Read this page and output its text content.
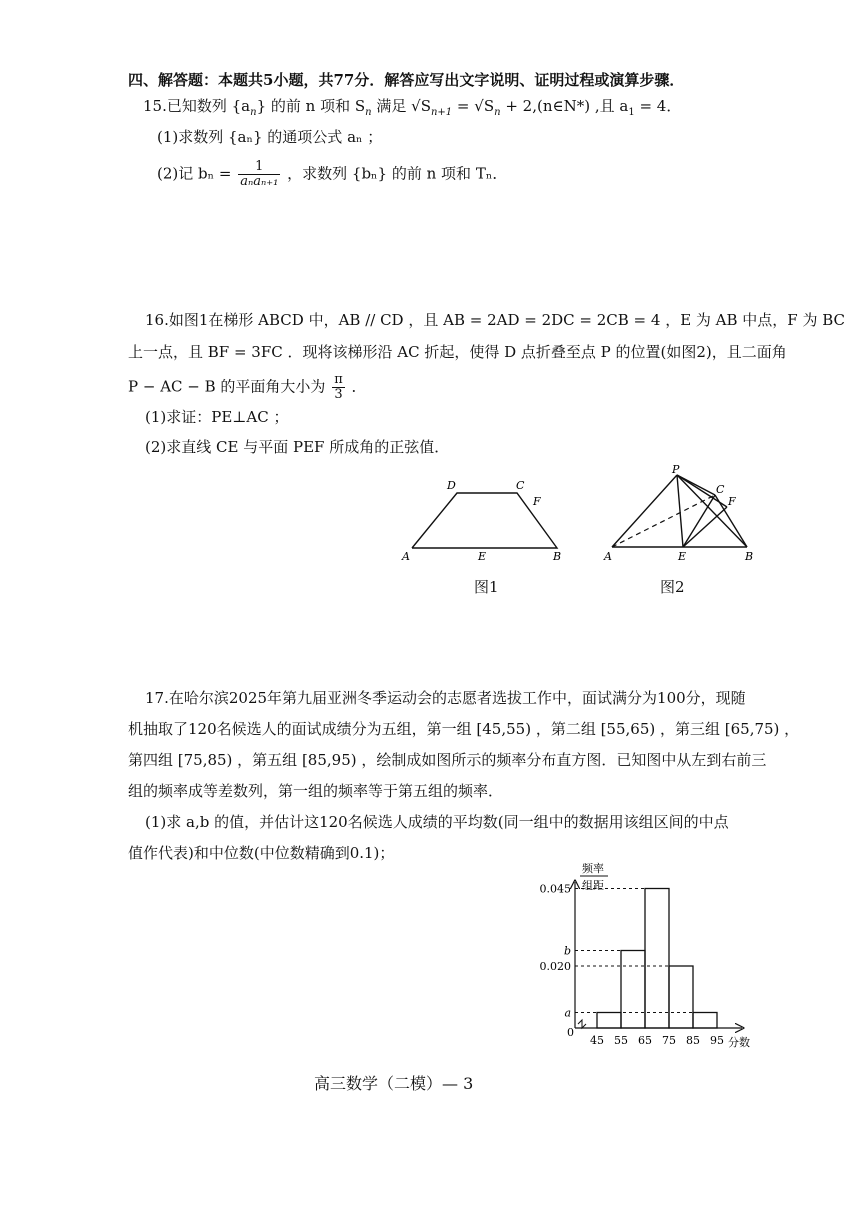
四、解答题：本题共5小题，共77分．解答应写出文字说明、证明过程或演算步骤．
15.已知数列 $\{a_n\}$ 的前 n 项和 $S_n$ 满足 $√S_{n+1} = √S_n$ + 2,(n∈N*) ,且 $a_1 = 4$．
(1)求数列 {aₙ} 的通项公式 aₙ ；
(2)记 $b_n = \frac{1}{\text{aₙaₙ₊₁}}$ ，求数列 {bₙ} 的前 n 项和 Tₙ．
16.如图1在梯形 ABCD 中，AB // CD ，且 AB = 2AD = 2DC = 2CB = 4 ，E 为 AB 中点，F 为 BC
上一点，且 BF = 3FC ．现将该梯形沿 AC 折起，使得 D 点折叠至点 P 的位置(如图2)，且二面角
P − AC − B 的平面角大小为 $\frac{\pi}{3}$ ．
(1)求证：PE⊥AC ；
(2)求直线 CE 与平面 PEF 所成角的正弦值．
D	C
F
A	E	B
图1
P
C
F
A	E	B
图2
17.在哈尔滨2025年第九届亚洲冬季运动会的志愿者选拔工作中，面试满分为100分，现随
机抽取了120名候选人的面试成绩分为五组，第一组 [45,55) ，第二组 [55,65) ，第三组 [65,75) ，
第四组 [75,85) ，第五组 [85,95) ，绘制成如图所示的频率分布直方图．已知图中从左到右前三
组的频率成等差数列，第一组的频率等于第五组的频率．
(1)求 a,b 的值，并估计这120名候选人成绩的平均数(同一组中的数据用该组区间的中点
值作代表)和中位数(中位数精确到0.1)；
频率
组距
分数
0
a
0.020
b
0.045
45 55 65 75 85 95
高三数学（二模）— 3
